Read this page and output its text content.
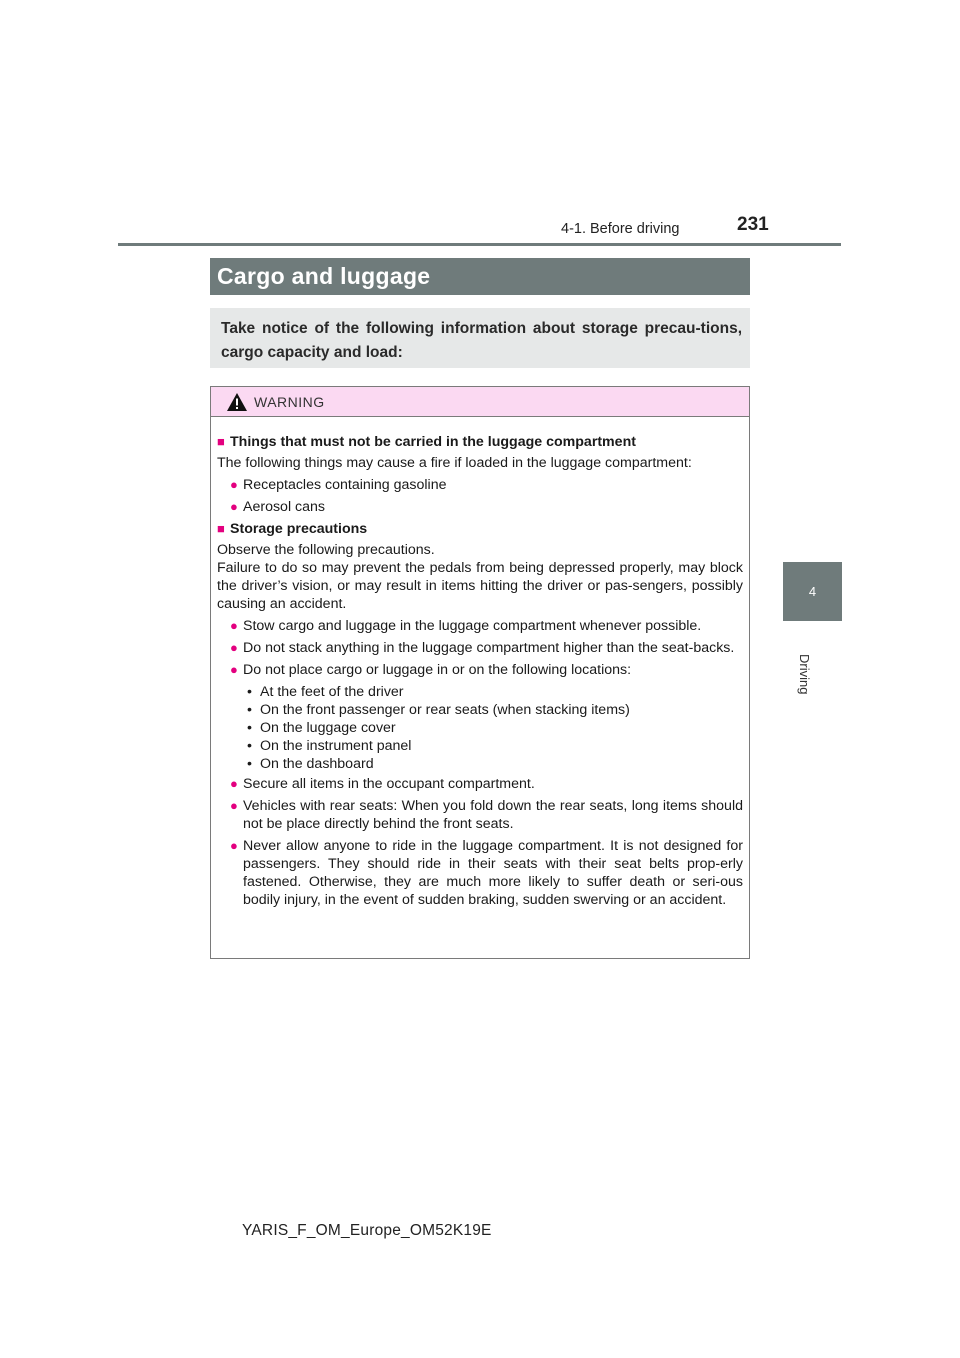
231
4-1. Before driving
4
Driving
Cargo and luggage
Take notice of the following information about storage precau-tions, cargo capacity and load:
WARNING
■ Things that must not be carried in the luggage compartment

The following things may cause a fire if loaded in the luggage compartment:

● Receptacles containing gasoline
● Aerosol cans
■ Storage precautions

Observe the following precautions.

Failure to do so may prevent the pedals from being depressed properly, may block the driver’s vision, or may result in items hitting the driver or pas-sengers, possibly causing an accident.

● Stow cargo and luggage in the luggage compartment whenever possible.
● Do not stack anything in the luggage compartment higher than the seat-backs.
● Do not place cargo or luggage in or on the following locations:
• At the feet of the driver
• On the front passenger or rear seats (when stacking items)
• On the luggage cover
• On the instrument panel
• On the dashboard
● Secure all items in the occupant compartment.
● Vehicles with rear seats: When you fold down the rear seats, long items should not be place directly behind the front seats.
● Never allow anyone to ride in the luggage compartment. It is not designed for passengers. They should ride in their seats with their seat belts prop-erly fastened. Otherwise, they are much more likely to suffer death or seri-ous bodily injury, in the event of sudden braking, sudden swerving or an accident.
YARIS_F_OM_Europe_OM52K19E
